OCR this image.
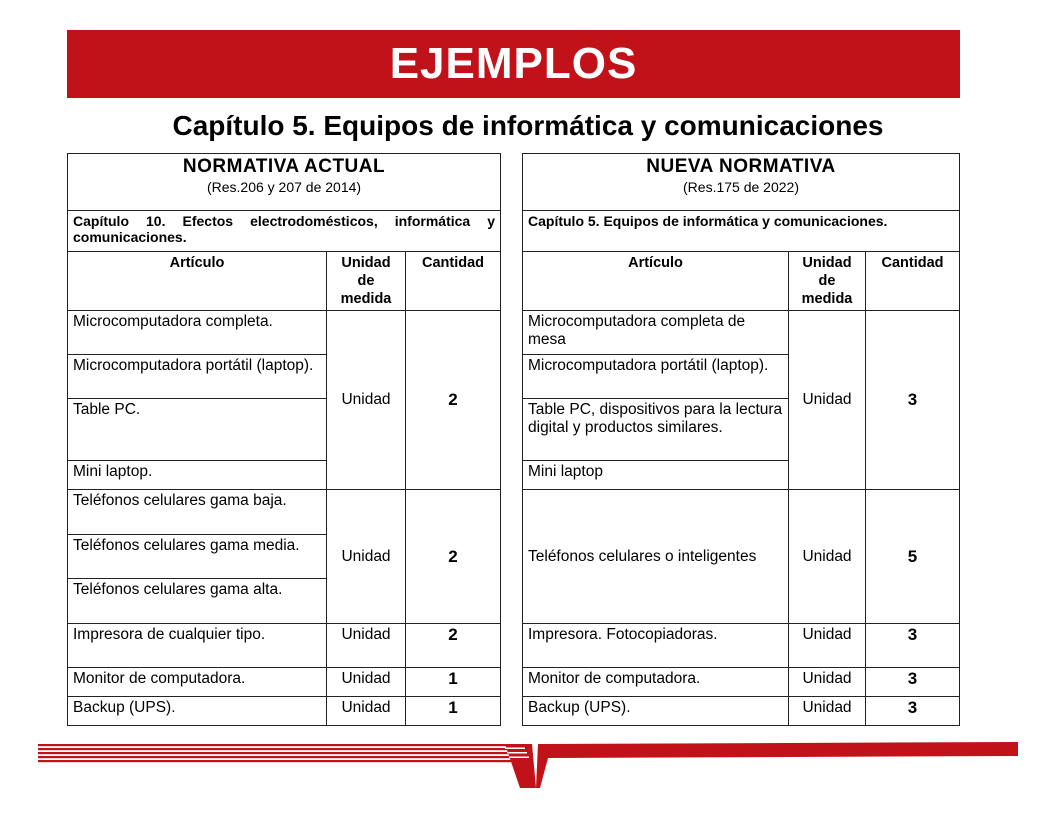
EJEMPLOS
Capítulo 5. Equipos de informática y comunicaciones
NORMATIVA ACTUAL
(Res.206 y 207 de 2014)		

Capítulo 10. Efectos electrodomésticos, informática y comunicaciones.		
Artículo	Unidad de medida	Cantidad
Microcomputadora completa.	Unidad	2
Microcomputadora portátil (laptop).		
Table PC.		
Mini laptop.		
Teléfonos celulares gama baja.	Unidad	2
Teléfonos celulares gama media.		
Teléfonos celulares gama alta.		
Impresora de cualquier tipo.	Unidad	2
Monitor de computadora.	Unidad	1
Backup (UPS).	Unidad	1
NUEVA NORMATIVA
(Res.175 de 2022)		

Capítulo 5. Equipos de informática y comunicaciones.		
Artículo	Unidad de medida	Cantidad
Microcomputadora completa de mesa	Unidad	3
Microcomputadora portátil (laptop).		
Table PC, dispositivos para la lectura digital y productos similares.		
Mini laptop		
Teléfonos celulares o inteligentes	Unidad	5
Impresora. Fotocopiadoras.	Unidad	3
Monitor de computadora.	Unidad	3
Backup (UPS).	Unidad	3
